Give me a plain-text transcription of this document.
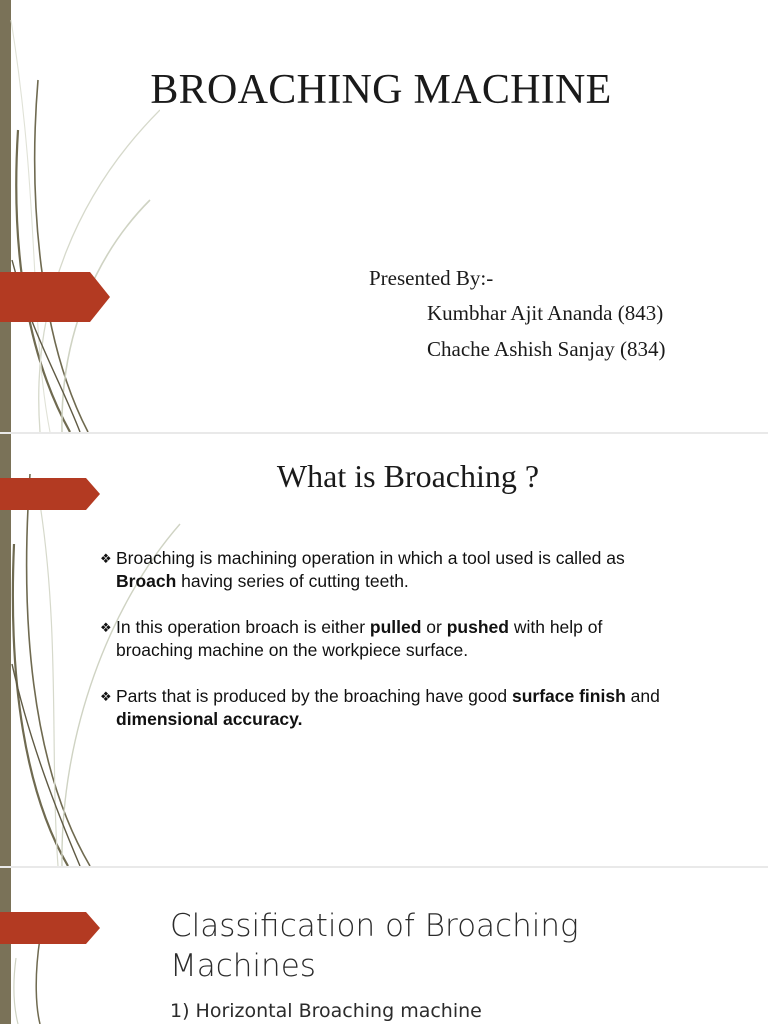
BROACHING MACHINE
Presented By:-
Kumbhar Ajit Ananda (843)
Chache Ashish Sanjay (834)
What is Broaching ?
❖ Broaching is machining operation in which a tool used is called as Broach having series of cutting teeth.
❖ In this operation broach is either pulled or pushed with help of broaching machine on the workpiece surface.
❖ Parts that is produced by the broaching have good surface finish and dimensional accuracy.
Classification of Broaching Machines
1) Horizontal Broaching machine
